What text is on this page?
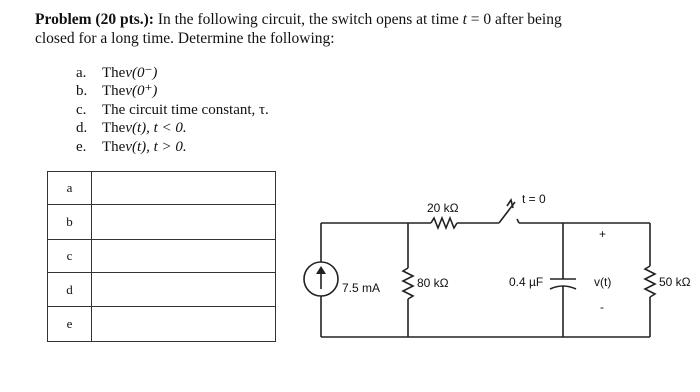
Problem (20 pts.): In the following circuit, the switch opens at time t = 0 after being
closed for a long time. Determine the following:
a.	The v(0⁻)
b. The v(0⁺)
c.	The circuit time constant, τ.
d. The v(t), t < 0.
e.	The v(t), t > 0.
a	
b	
c	
d	
e	
20 kΩ
t = 0
7.5 mA	80 kΩ	0.4 µF	v(t)
+
-
50 kΩ
